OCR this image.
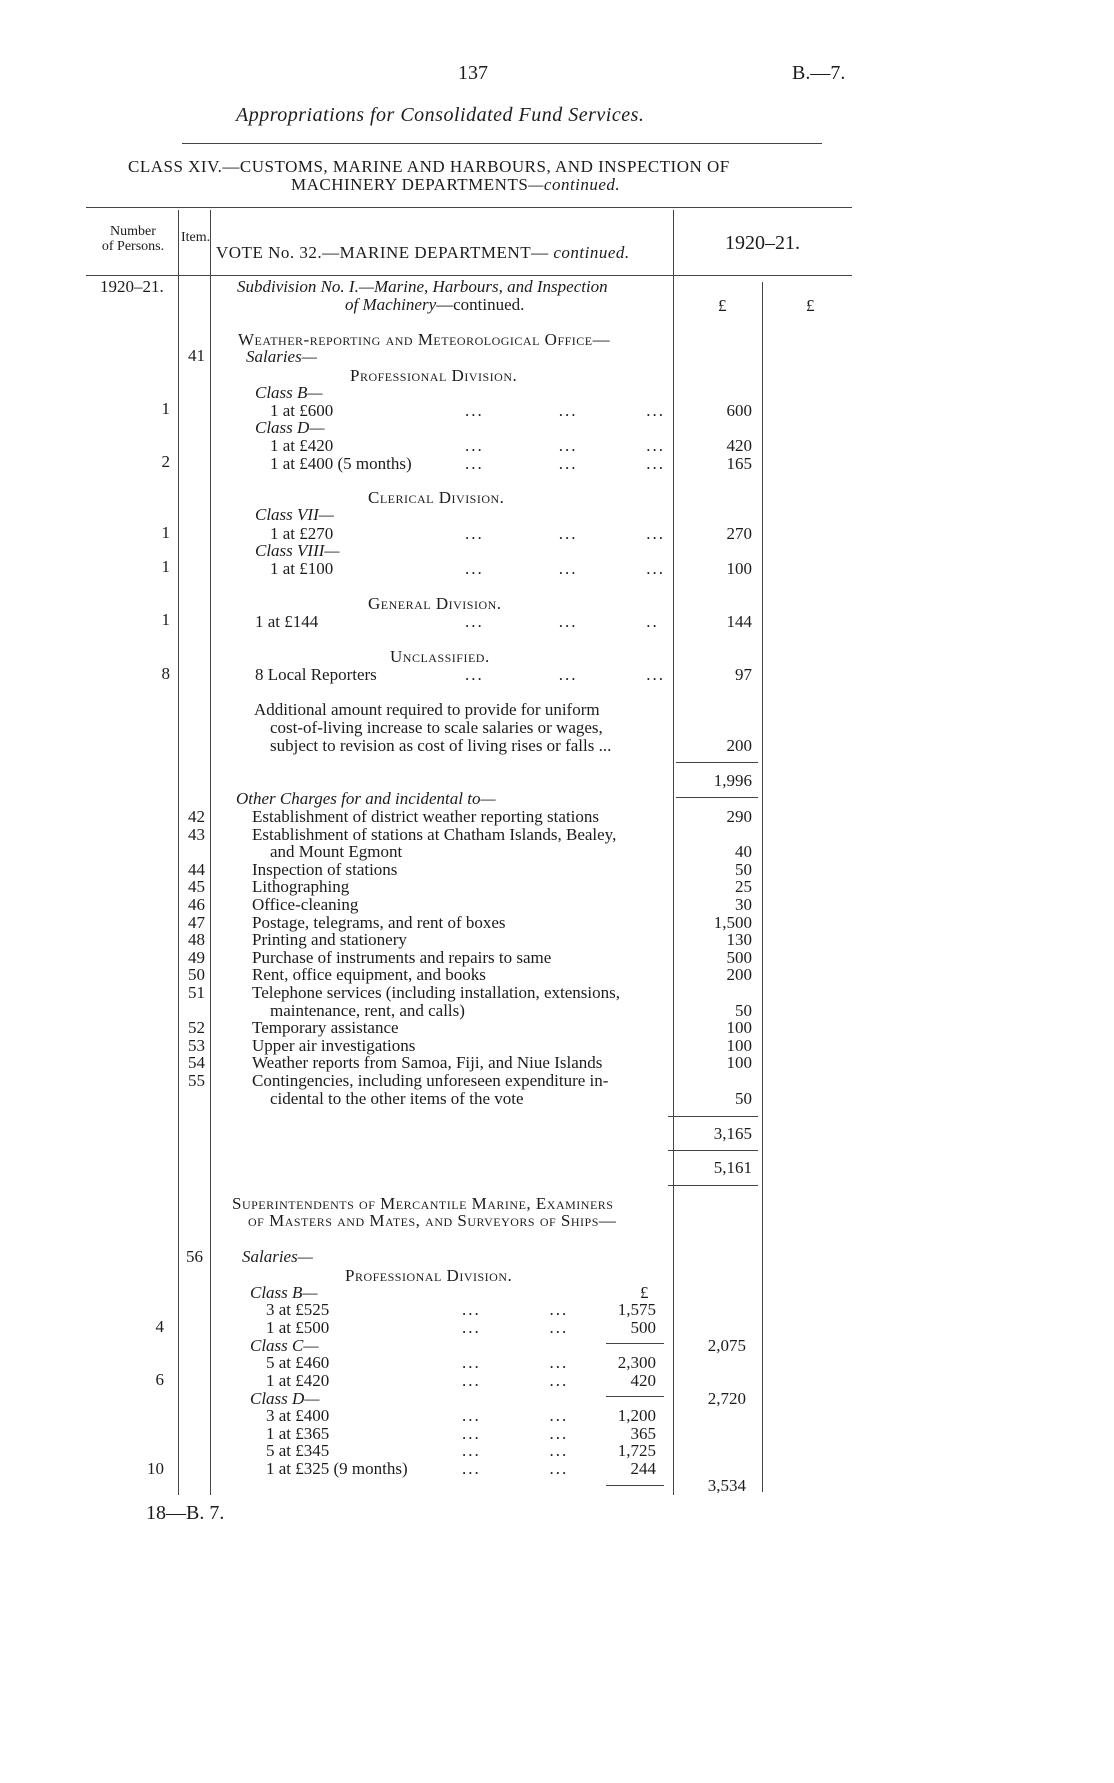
137	B.—7.
Appropriations for Consolidated Fund Services.
CLASS XIV.—CUSTOMS, MARINE AND HARBOURS, AND INSPECTION OF
MACHINERY DEPARTMENTS—continued.
Number
of Persons.
Item.
VOTE No. 32.—MARINE DEPARTMENT— continued.	1920–21.
1920–21.
£	£
Subdivision No. I.—Marine, Harbours, and Inspection
of Machinery—continued.
Weather-reporting and Meteorological Office—
41 Salaries—
Professional Division.
Class B—
1	1 at £600	...            ...           ...	600
Class D—
1 at £420	...            ...           ...	420
2	1 at £400 (5 months)	...            ...           ...	165
Clerical Division.
Class VII—
1	1 at £270	...            ...           ...	270
Class VIII—
1	1 at £100	...            ...           ...	100
General Division.
1	1 at £144	...            ...           ..	144
Unclassified.
8	8 Local Reporters	...            ...           ...	97
Additional amount required to provide for uniform
cost-of-living increase to scale salaries or wages,
subject to revision as cost of living rises or falls ...	200
1,996
Other Charges for and incidental to—
42	Establishment of district weather reporting stations	290
43	Establishment of stations at Chatham Islands, Bealey,
and Mount Egmont	40
44	Inspection of stations	50
45	Lithographing	25
46	Office-cleaning	30
47	Postage, telegrams, and rent of boxes	1,500
48	Printing and stationery	130
49	Purchase of instruments and repairs to same	500
50	Rent, office equipment, and books	200
51	Telephone services (including installation, extensions,
maintenance, rent, and calls)	50
52	Temporary assistance	100
53	Upper air investigations	100
54	Weather reports from Samoa, Fiji, and Niue Islands	100
55	Contingencies, including unforeseen expenditure in-
cidental to the other items of the vote	50
3,165
5,161
Superintendents of Mercantile Marine, Examiners
of Masters and Mates, and Surveyors of Ships—
56 Salaries—
Professional Division.
£
Class B—
3 at £525	...           ...	1,575
4	1 at £500	...           ...	500
2,075
Class C—
5 at £460	...           ...	2,300
6	1 at £420	...           ...	420
2,720
Class D—
3 at £400	...           ...	1,200
1 at £365	...           ...	365
5 at £345	...           ...	1,725
10	1 at £325 (9 months)	...           ...	244
3,534
18—B. 7.
